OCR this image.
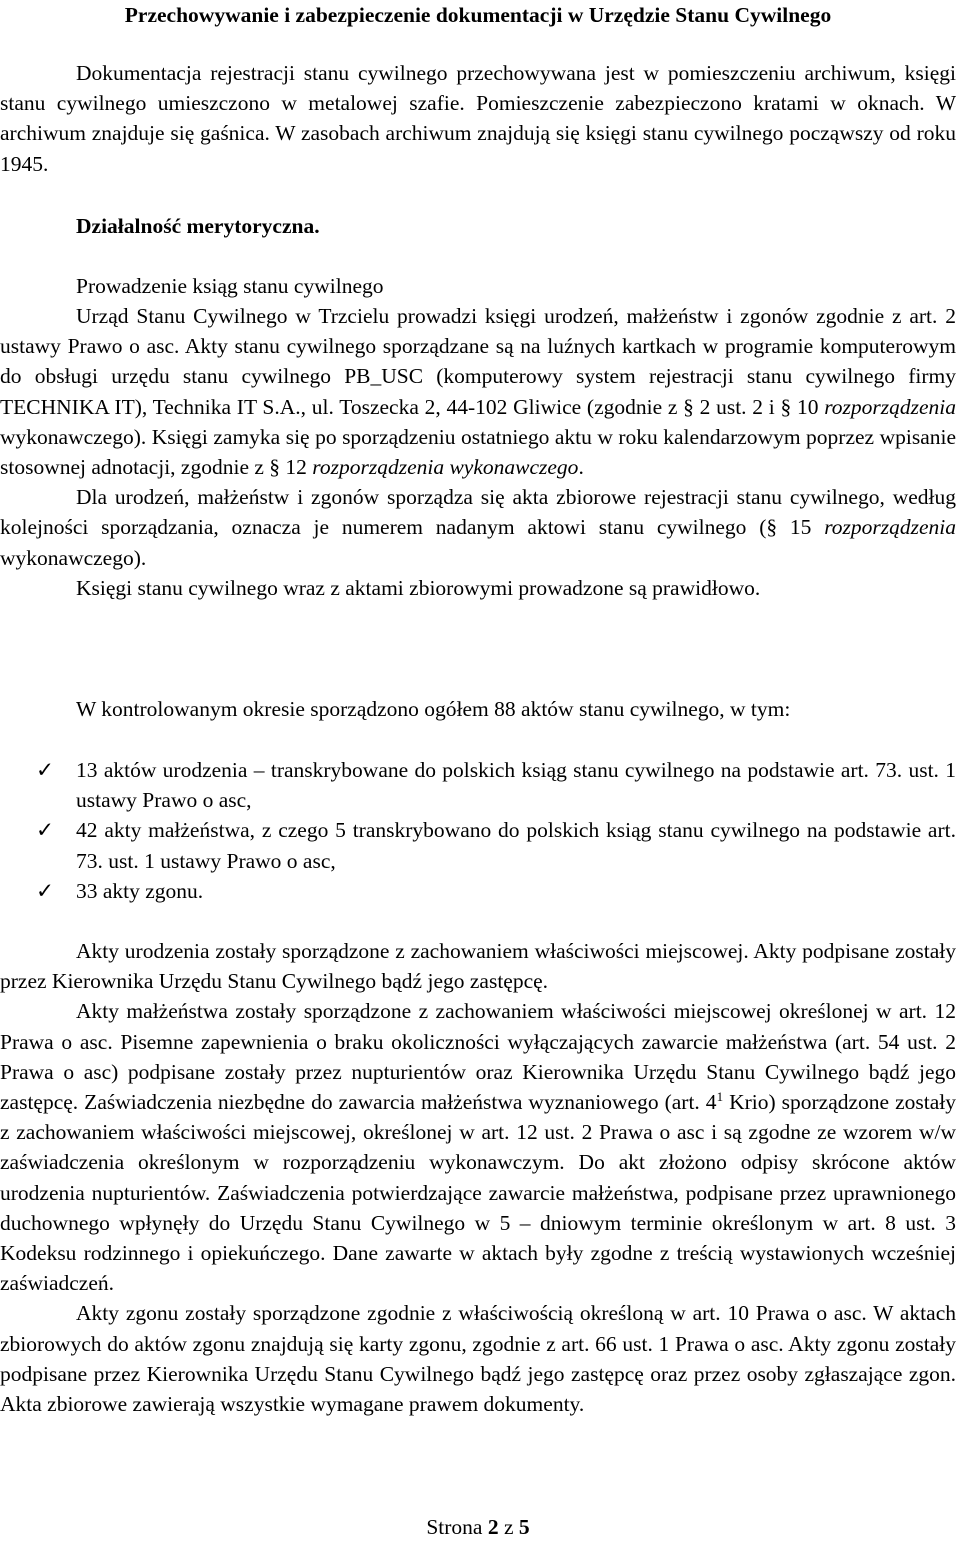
Przechowywanie i zabezpieczenie dokumentacji w Urzędzie Stanu Cywilnego

Dokumentacja rejestracji stanu cywilnego przechowywana jest w pomieszczeniu archiwum, księgi stanu cywilnego umieszczono w metalowej szafie. Pomieszczenie zabezpieczono kratami w oknach. W archiwum znajduje się gaśnica. W zasobach archiwum znajdują się księgi stanu cywilnego począwszy od roku 1945.

Działalność merytoryczna.

Prowadzenie ksiąg stanu cywilnego

Urząd Stanu Cywilnego w Trzcielu prowadzi księgi urodzeń, małżeństw i zgonów zgodnie z art. 2 ustawy Prawo o asc. Akty stanu cywilnego sporządzane są na luźnych kartkach w programie komputerowym do obsługi urzędu stanu cywilnego PB_USC (komputerowy system rejestracji stanu cywilnego firmy TECHNIKA IT), Technika IT S.A., ul. Toszecka 2, 44-102 Gliwice (zgodnie z § 2 ust. 2 i § 10 rozporządzenia wykonawczego). Księgi zamyka się po sporządzeniu ostatniego aktu w roku kalendarzowym poprzez wpisanie stosownej adnotacji, zgodnie z § 12 rozporządzenia wykonawczego.

Dla urodzeń, małżeństw i zgonów sporządza się akta zbiorowe rejestracji stanu cywilnego, według kolejności sporządzania, oznacza je numerem nadanym aktowi stanu cywilnego (§ 15 rozporządzenia wykonawczego).

Księgi stanu cywilnego wraz z aktami zbiorowymi prowadzone są prawidłowo.

W kontrolowanym okresie sporządzono ogółem 88 aktów stanu cywilnego, w tym:

✓ 13 aktów urodzenia – transkrybowane do polskich ksiąg stanu cywilnego na podstawie art. 73. ust. 1 ustawy Prawo o asc,
✓ 42 akty małżeństwa, z czego 5 transkrybowano do polskich ksiąg stanu cywilnego na podstawie art. 73. ust. 1 ustawy Prawo o asc,
✓ 33 akty zgonu.

Akty urodzenia zostały sporządzone z zachowaniem właściwości miejscowej. Akty podpisane zostały przez Kierownika Urzędu Stanu Cywilnego bądź jego zastępcę.

Akty małżeństwa zostały sporządzone z zachowaniem właściwości miejscowej określonej w art. 12 Prawa o asc. Pisemne zapewnienia o braku okoliczności wyłączających zawarcie małżeństwa (art. 54 ust. 2 Prawa o asc) podpisane zostały przez nupturientów oraz Kierownika Urzędu Stanu Cywilnego bądź jego zastępcę. Zaświadczenia niezbędne do zawarcia małżeństwa wyznaniowego (art. $4^1$ Krio) sporządzone zostały z zachowaniem właściwości miejscowej, określonej w art. 12 ust. 2 Prawa o asc i są zgodne ze wzorem w/w zaświadczenia określonym w rozporządzeniu wykonawczym. Do akt złożono odpisy skrócone aktów urodzenia nupturientów. Zaświadczenia potwierdzające zawarcie małżeństwa, podpisane przez uprawnionego duchownego wpłynęły do Urzędu Stanu Cywilnego w 5 – dniowym terminie określonym w art. 8 ust. 3 Kodeksu rodzinnego i opiekuńczego. Dane zawarte w aktach były zgodne z treścią wystawionych wcześniej zaświadczeń.

Akty zgonu zostały sporządzone zgodnie z właściwością określoną w art. 10 Prawa o asc. W aktach zbiorowych do aktów zgonu znajdują się karty zgonu, zgodnie z art. 66 ust. 1 Prawa o asc. Akty zgonu zostały podpisane przez Kierownika Urzędu Stanu Cywilnego bądź jego zastępcę oraz przez osoby zgłaszające zgon. Akta zbiorowe zawierają wszystkie wymagane prawem dokumenty.

Strona 2 z 5
